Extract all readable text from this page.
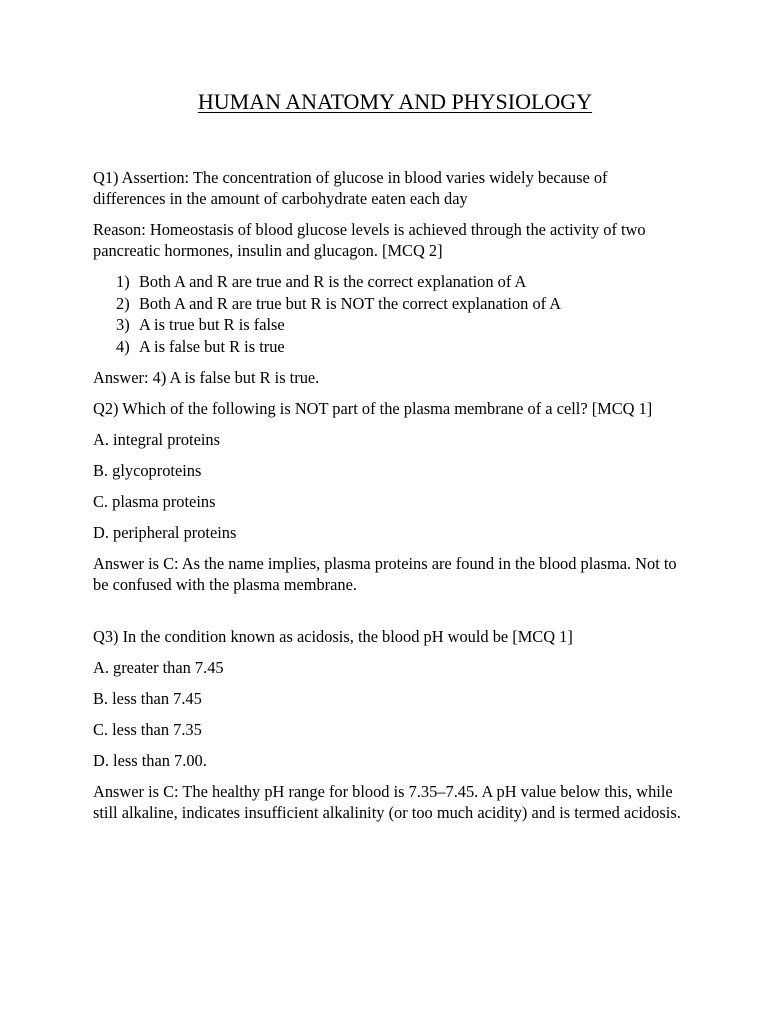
HUMAN ANATOMY AND PHYSIOLOGY

Q1) Assertion: The concentration of glucose in blood varies widely because of differences in the amount of carbohydrate eaten each day

Reason: Homeostasis of blood glucose levels is achieved through the activity of two pancreatic hormones, insulin and glucagon. [MCQ 2]

1) Both A and R are true and R is the correct explanation of A
2) Both A and R are true but R is NOT the correct explanation of A
3) A is true but R is false
4) A is false but R is true

Answer: 4) A is false but R is true.

Q2) Which of the following is NOT part of the plasma membrane of a cell? [MCQ 1]

A. integral proteins

B. glycoproteins

C. plasma proteins

D. peripheral proteins

Answer is C: As the name implies, plasma proteins are found in the blood plasma. Not to be confused with the plasma membrane.

Q3) In the condition known as acidosis, the blood pH would be [MCQ 1]

A. greater than 7.45

B. less than 7.45

C. less than 7.35

D. less than 7.00.

Answer is C: The healthy pH range for blood is 7.35–7.45. A pH value below this, while still alkaline, indicates insufficient alkalinity (or too much acidity) and is termed acidosis.
